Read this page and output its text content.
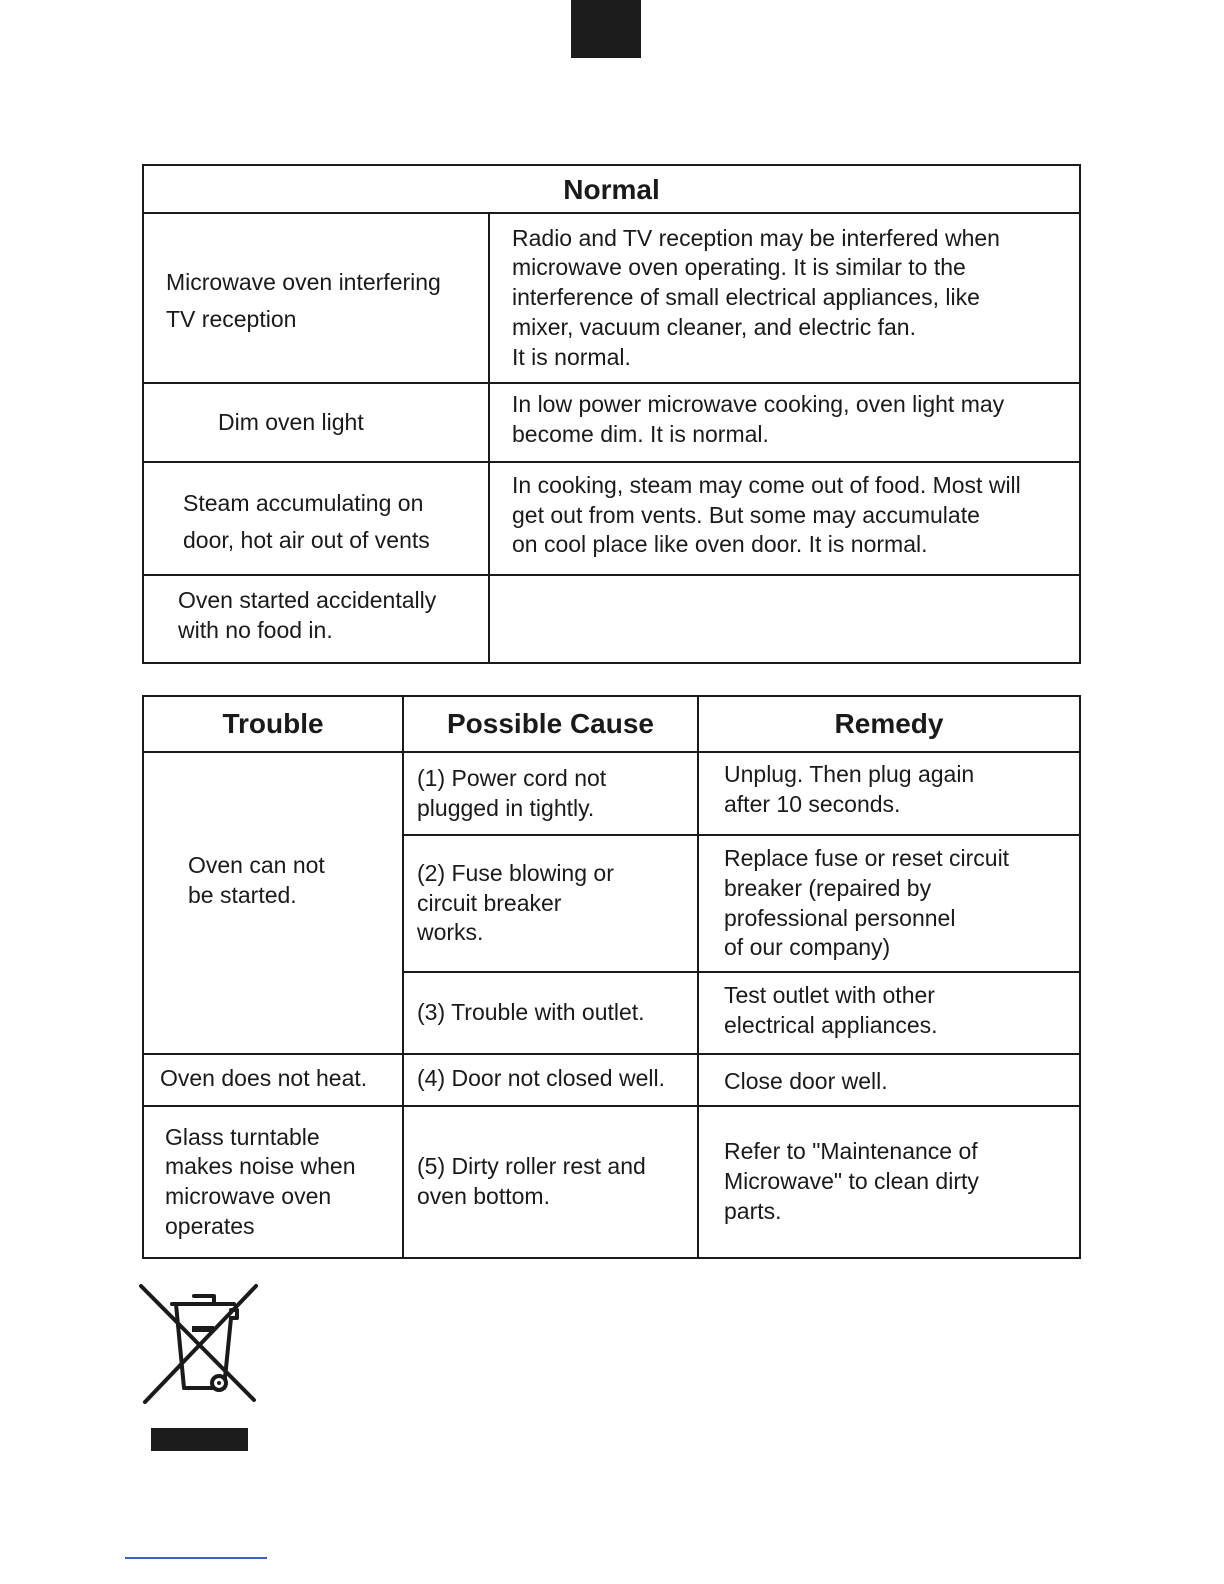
Normal	

Microwave oven interfering
TV reception	Radio and TV reception may be interfered when
microwave oven operating. It is similar to the
interference of small electrical appliances, like
mixer, vacuum cleaner, and electric fan.
It is normal.

Dim oven light	In low power microwave cooking, oven light may
become dim. It is normal.

Steam accumulating on
door, hot air out of vents	In cooking, steam may come out of food. Most will
get out from vents. But some may accumulate
on cool place like oven door. It is normal.

Oven started accidentally
with no food in.	

Trouble	Possible Cause	Remedy

Oven can not
be started.	(1) Power cord not
plugged in tightly.	Unplug. Then plug again
after 10 seconds.

	(2) Fuse blowing or
circuit breaker
works.	Replace fuse or reset circuit
breaker (repaired by
professional personnel
of our company)

	(3) Trouble with outlet.	Test outlet with other
electrical appliances.

Oven does not heat.	(4) Door not closed well.	Close door well.

Glass turntable
makes noise when
microwave oven
operates	(5) Dirty roller rest and
oven bottom.	Refer to "Maintenance of
Microwave" to clean dirty
parts.
